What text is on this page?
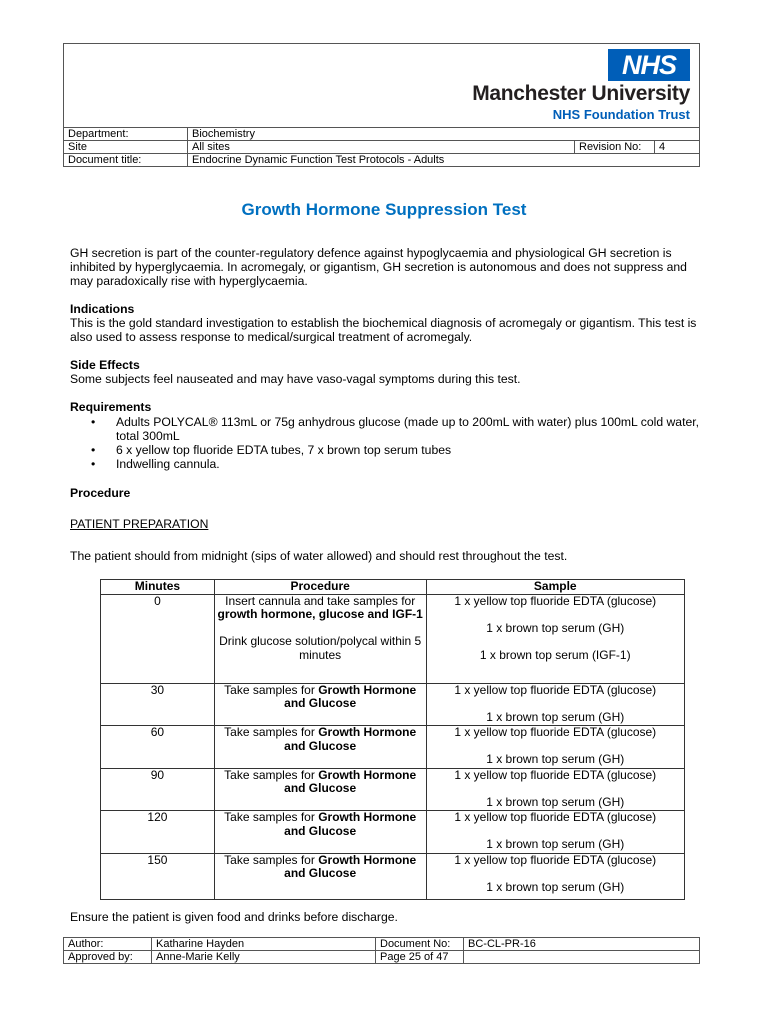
NHS
Manchester University
NHS Foundation Trust
Department:	Biochemistry		
Site	All sites	Revision No:	4
Document title:	Endocrine Dynamic Function Test Protocols - Adults		
Growth Hormone Suppression Test
GH secretion is part of the counter-regulatory defence against hypoglycaemia and physiological GH secretion is inhibited by hyperglycaemia. In acromegaly, or gigantism, GH secretion is autonomous and does not suppress and may paradoxically rise with hyperglycaemia.
Indications
This is the gold standard investigation to establish the biochemical diagnosis of acromegaly or gigantism. This test is also used to assess response to medical/surgical treatment of acromegaly.
Side Effects
Some subjects feel nauseated and may have vaso-vagal symptoms during this test.
Requirements
• Adults POLYCAL® 113mL or 75g anhydrous glucose (made up to 200mL with water) plus 100mL cold water, total 300mL
• 6 x yellow top fluoride EDTA tubes, 7 x brown top serum tubes
• Indwelling cannula.
Procedure
PATIENT PREPARATION
The patient should from midnight (sips of water allowed) and should rest throughout the test.
Minutes	Procedure	Sample
0	Insert cannula and take samples for
growth hormone, glucose and IGF-1
Drink glucose solution/polycal within 5 minutes	1 x yellow top fluoride EDTA (glucose)
1 x brown top serum (GH)
1 x brown top serum (IGF-1)

30	Take samples for Growth Hormone
and Glucose	1 x yellow top fluoride EDTA (glucose)
1 x brown top serum (GH)

60	Take samples for Growth Hormone
and Glucose	1 x yellow top fluoride EDTA (glucose)
1 x brown top serum (GH)

90	Take samples for Growth Hormone
and Glucose	1 x yellow top fluoride EDTA (glucose)
1 x brown top serum (GH)

120	Take samples for Growth Hormone
and Glucose	1 x yellow top fluoride EDTA (glucose)
1 x brown top serum (GH)

150	Take samples for Growth Hormone
and Glucose	1 x yellow top fluoride EDTA (glucose)
1 x brown top serum (GH)
Ensure the patient is given food and drinks before discharge.
Author:	Katharine Hayden	Document No:	BC-CL-PR-16
Approved by:	Anne-Marie Kelly	Page 25 of 47	
